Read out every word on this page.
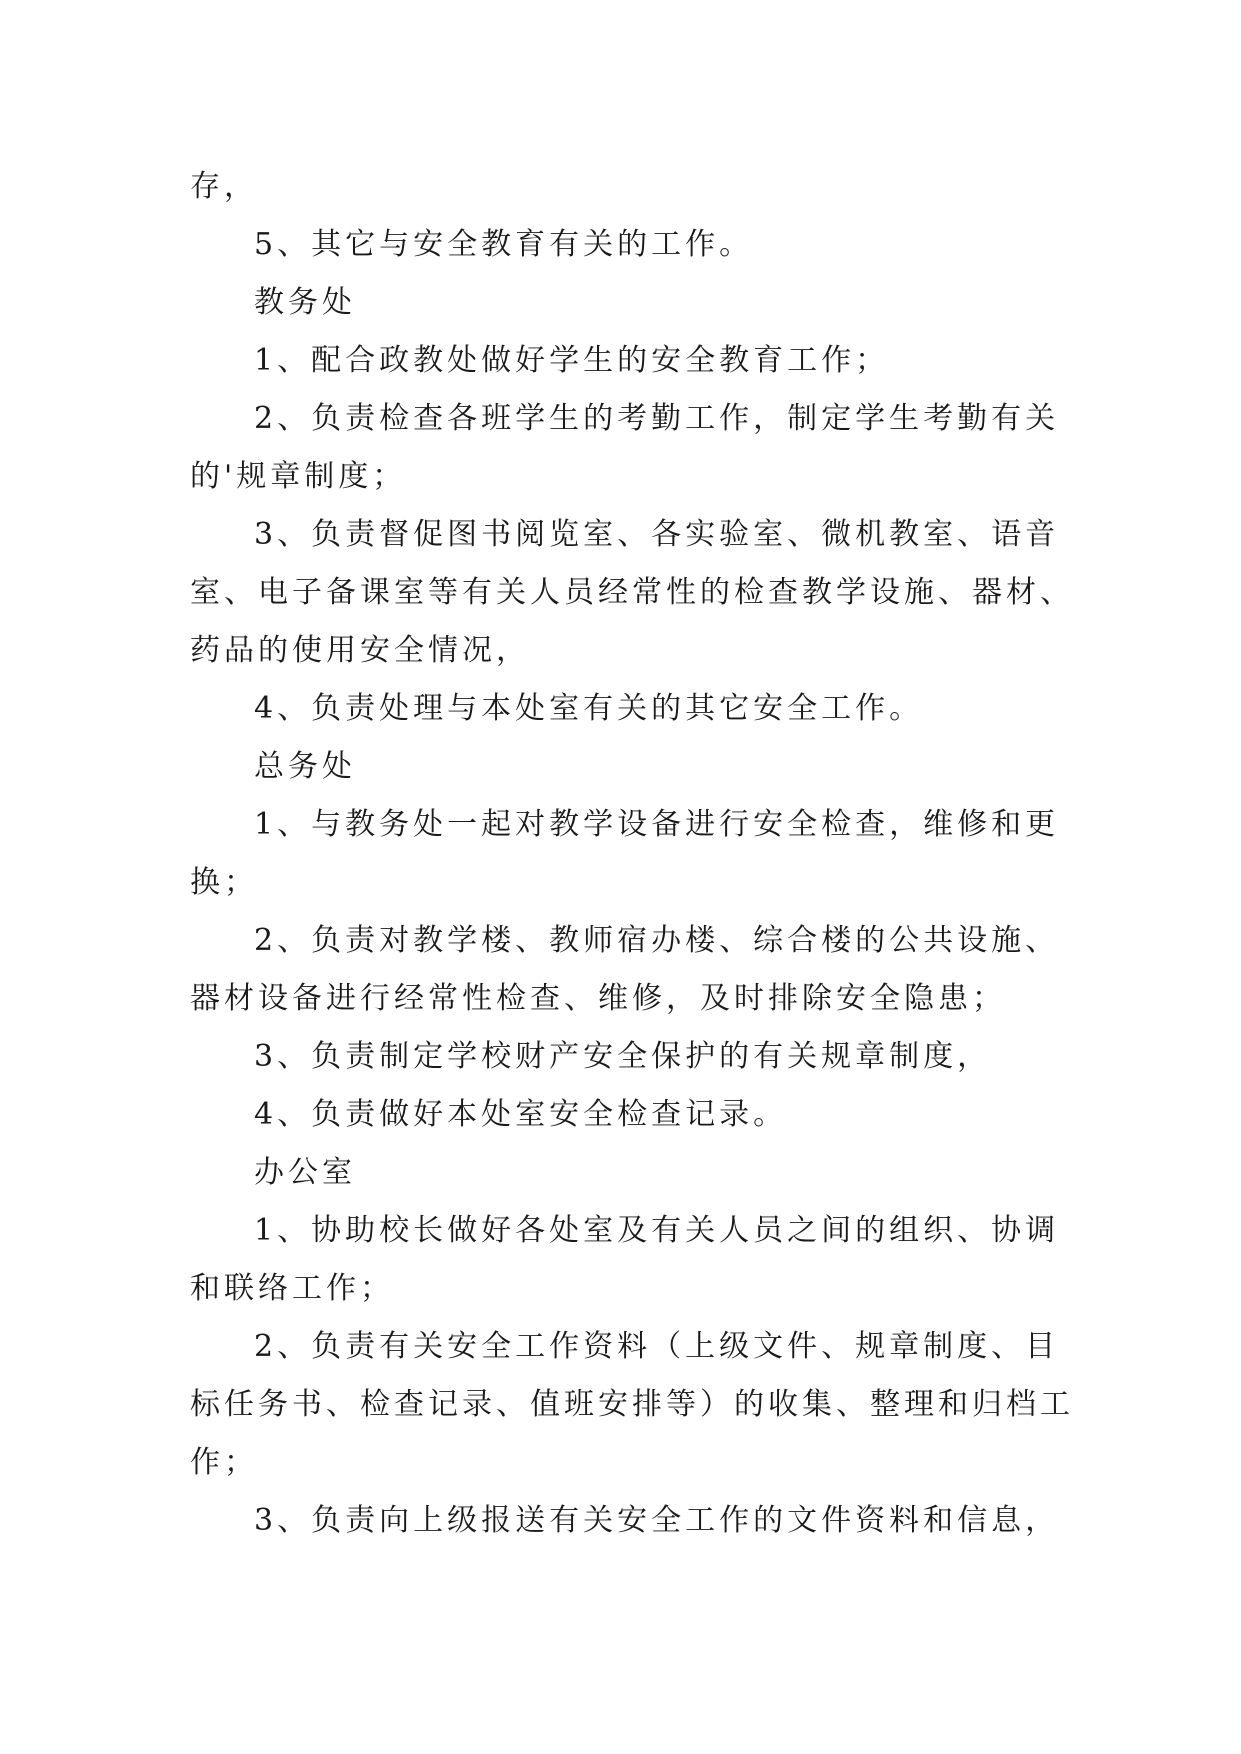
存，
5、其它与安全教育有关的工作。
教务处
1、配合政教处做好学生的安全教育工作；
2、负责检查各班学生的考勤工作，制定学生考勤有关
的'规章制度；
3、负责督促图书阅览室、各实验室、微机教室、语音
室、电子备课室等有关人员经常性的检查教学设施、器材、
药品的使用安全情况，
4、负责处理与本处室有关的其它安全工作。
总务处
1、与教务处一起对教学设备进行安全检查，维修和更
换；
2、负责对教学楼、教师宿办楼、综合楼的公共设施、
器材设备进行经常性检查、维修，及时排除安全隐患；
3、负责制定学校财产安全保护的有关规章制度，
4、负责做好本处室安全检查记录。
办公室
1、协助校长做好各处室及有关人员之间的组织、协调
和联络工作；
2、负责有关安全工作资料（上级文件、规章制度、目
标任务书、检查记录、值班安排等）的收集、整理和归档工
作；
3、负责向上级报送有关安全工作的文件资料和信息，
